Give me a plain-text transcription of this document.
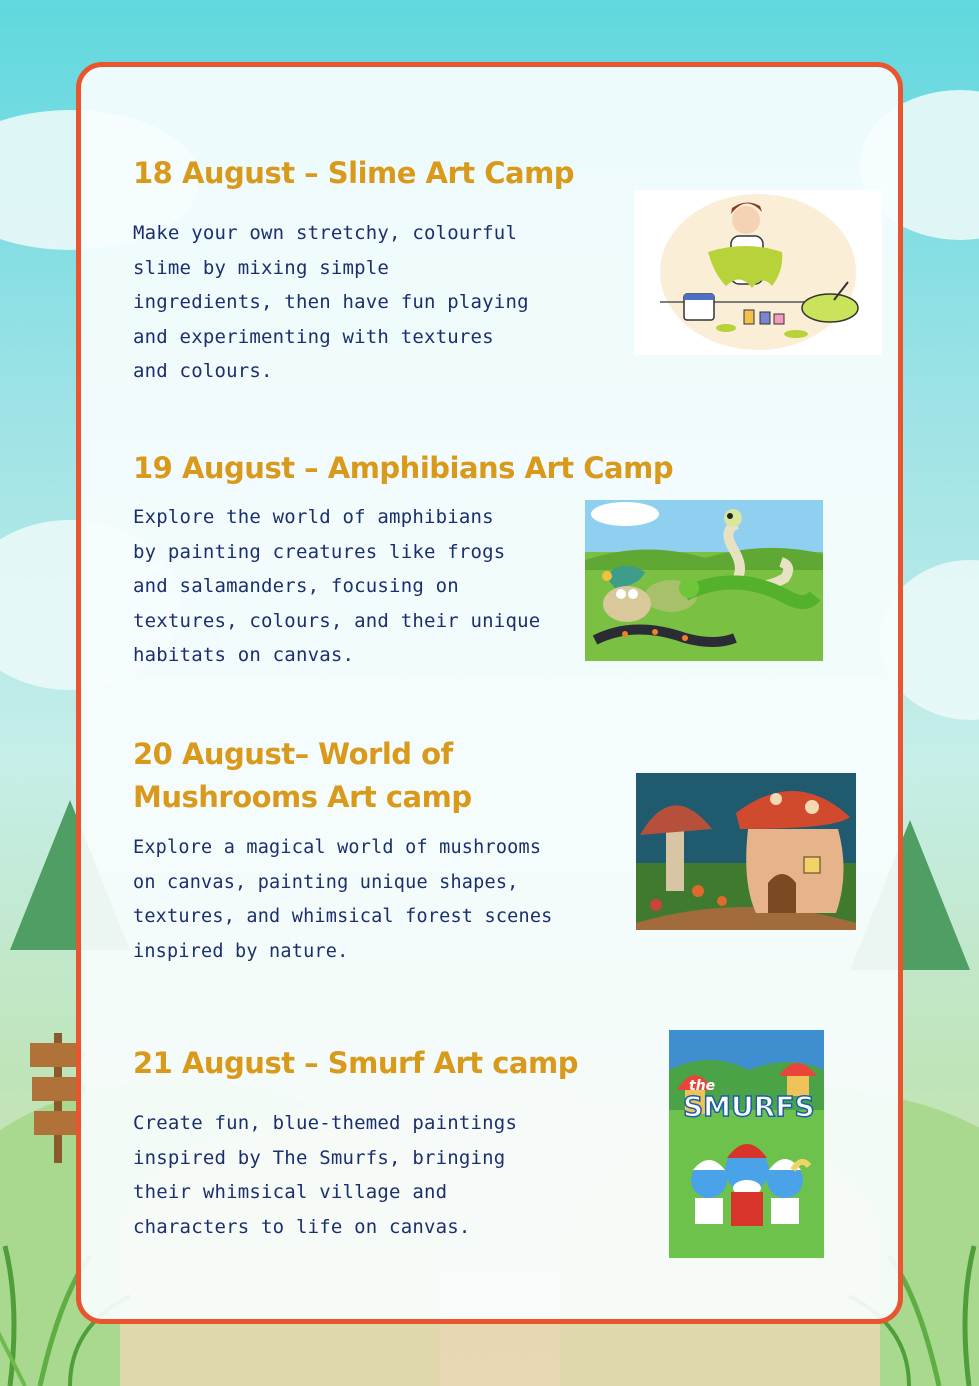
18 August – Slime Art Camp
Make your own stretchy, colourful
slime by mixing simple
ingredients, then have fun playing
and experimenting with textures
and colours.
19 August – Amphibians Art Camp
Explore the world of amphibians
by painting creatures like frogs
and salamanders, focusing on
textures, colours, and their unique
habitats on canvas.
20 August– World of
Mushrooms Art camp
Explore a magical world of mushrooms
on canvas, painting unique shapes,
textures, and whimsical forest scenes
inspired by nature.
21 August – Smurf Art camp
Create fun, blue-themed paintings
inspired by The Smurfs, bringing
their whimsical village and
characters to life on canvas.
the
SMURFS
